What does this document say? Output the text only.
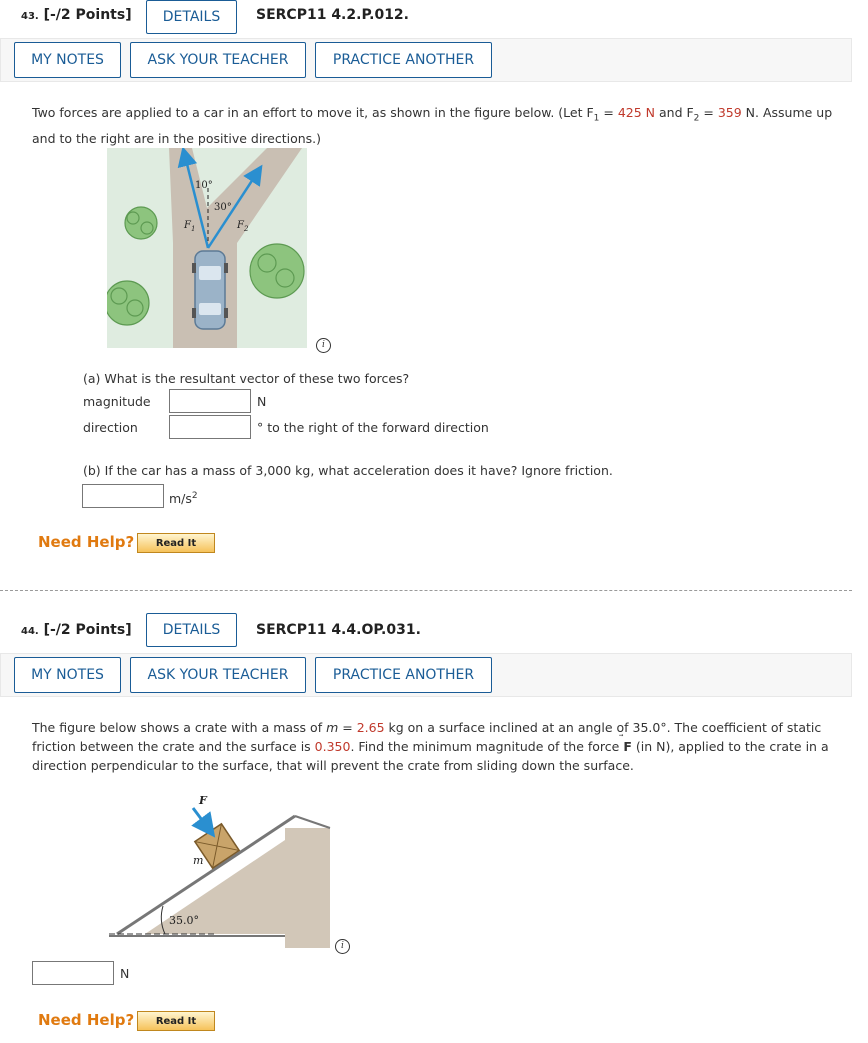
43. [-/2 Points]	DETAILS	SERCP11 4.2.P.012.
MY NOTES	ASK YOUR TEACHER	PRACTICE ANOTHER
Two forces are applied to a car in an effort to move it, as shown in the figure below. (Let $F_1 = 425$ N and $F_2 = 359$ N. Assume up
and to the right are in the positive directions.)
10°
30°
$F_1$	$F_2$
i
(a) What is the resultant vector of these two forces?
magnitude	N
direction	° to the right of the forward direction
(b) If the car has a mass of 3,000 kg, what acceleration does it have? Ignore friction.
$m/s^2$
Need Help?	Read It
44. [-/2 Points]	DETAILS	SERCP11 4.4.OP.031.
MY NOTES	ASK YOUR TEACHER	PRACTICE ANOTHER
The figure below shows a crate with a mass of m = 2.65 kg on a surface inclined at an angle of 35.0°. The coefficient of static
friction between the crate and the surface is 0.350. Find the minimum magnitude of the force F
(in N), applied to the crate in a
direction perpendicular to the surface, that will prevent the crate from sliding down the surface.
F
m
35.0°
i
N
Need Help?	Read It
